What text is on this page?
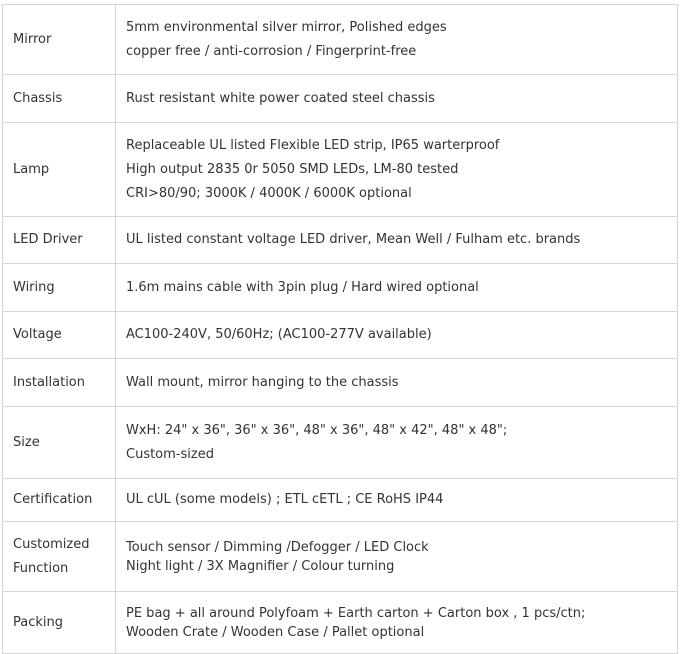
Mirror	5mm environmental silver mirror, Polished edges
copper free / anti-corrosion / Fingerprint-free

Chassis	Rust resistant white power coated steel chassis

Lamp	Replaceable UL listed Flexible LED strip, IP65 warterproof
High output 2835 0r 5050 SMD LEDs, LM-80 tested
CRI>80/90; 3000K / 4000K / 6000K optional

LED Driver	UL listed constant voltage LED driver, Mean Well / Fulham etc. brands

Wiring	1.6m mains cable with 3pin plug / Hard wired optional

Voltage	AC100-240V, 50/60Hz; (AC100-277V available)

Installation	Wall mount, mirror hanging to the chassis

Size	WxH: 24" x 36", 36" x 36", 48" x 36", 48" x 42", 48" x 48";
Custom-sized

Certification	UL cUL (some models) ; ETL cETL ; CE RoHS IP44

Customized
Function	Touch sensor / Dimming /Defogger / LED Clock
Night light / 3X Magnifier / Colour turning

Packing	PE bag + all around Polyfoam + Earth carton + Carton box , 1 pcs/ctn;
Wooden Crate / Wooden Case / Pallet optional
